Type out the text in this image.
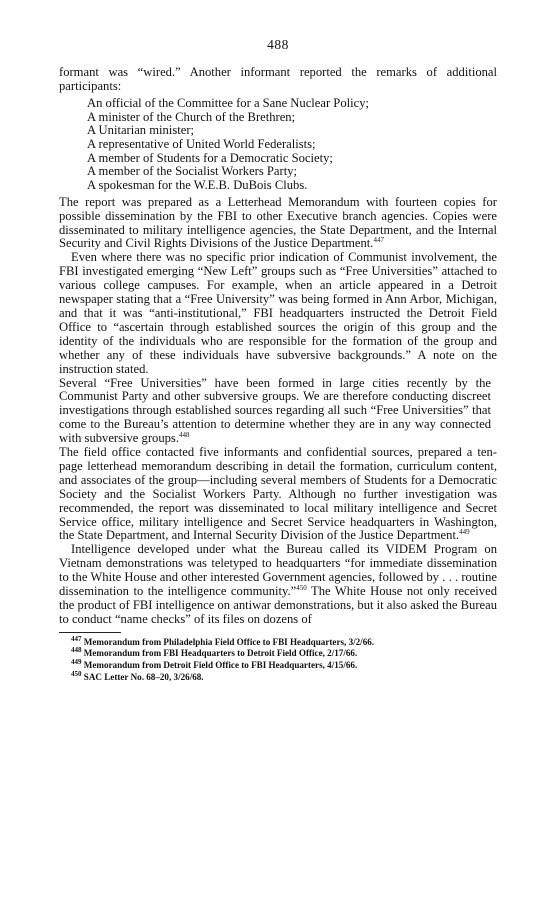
488

formant was “wired.” Another informant reported the remarks of additional participants:

An official of the Committee for a Sane Nuclear Policy;
A minister of the Church of the Brethren;
A Unitarian minister;
A representative of United World Federalists;
A member of Students for a Democratic Society;
A member of the Socialist Workers Party;
A spokesman for the W.E.B. DuBois Clubs.

The report was prepared as a Letterhead Memorandum with fourteen copies for possible dissemination by the FBI to other Executive branch agencies. Copies were disseminated to military intelligence agencies, the State Department, and the Internal Security and Civil Rights Divisions of the Justice Department.$^{447}$

Even where there was no specific prior indication of Communist involvement, the FBI investigated emerging “New Left” groups such as “Free Universities” attached to various college campuses. For example, when an article appeared in a Detroit newspaper stating that a “Free University” was being formed in Ann Arbor, Michigan, and that it was “anti-institutional,” FBI headquarters instructed the Detroit Field Office to “ascertain through established sources the origin of this group and the identity of the individuals who are responsible for the formation of the group and whether any of these individuals have subversive backgrounds.” A note on the instruction stated.

Several “Free Universities” have been formed in large cities recently by the Communist Party and other subversive groups. We are therefore conducting discreet investigations through established sources regarding all such “Free Universities” that come to the Bureau’s attention to determine whether they are in any way connected with subversive groups.$^{448}$

The field office contacted five informants and confidential sources, prepared a ten-page letterhead memorandum describing in detail the formation, curriculum content, and associates of the group—including several members of Students for a Democratic Society and the Socialist Workers Party. Although no further investigation was recommended, the report was disseminated to local military intelligence and Secret Service office, military intelligence and Secret Service headquarters in Washington, the State Department, and Internal Security Division of the Justice Department.$^{449}$

Intelligence developed under what the Bureau called its VIDEM Program on Vietnam demonstrations was teletyped to headquarters “for immediate dissemination to the White House and other interested Government agencies, followed by . . . routine dissemination to the intelligence community.”$^{450}$ The White House not only received the product of FBI intelligence on antiwar demonstrations, but it also asked the Bureau to conduct “name checks” of its files on dozens of

$^{447}$ Memorandum from Philadelphia Field Office to FBI Headquarters, 3/2/66.
$^{448}$ Memorandum from FBI Headquarters to Detroit Field Office, 2/17/66.
$^{449}$ Memorandum from Detroit Field Office to FBI Headquarters, 4/15/66.
$^{450}$ SAC Letter No. 68–20, 3/26/68.
